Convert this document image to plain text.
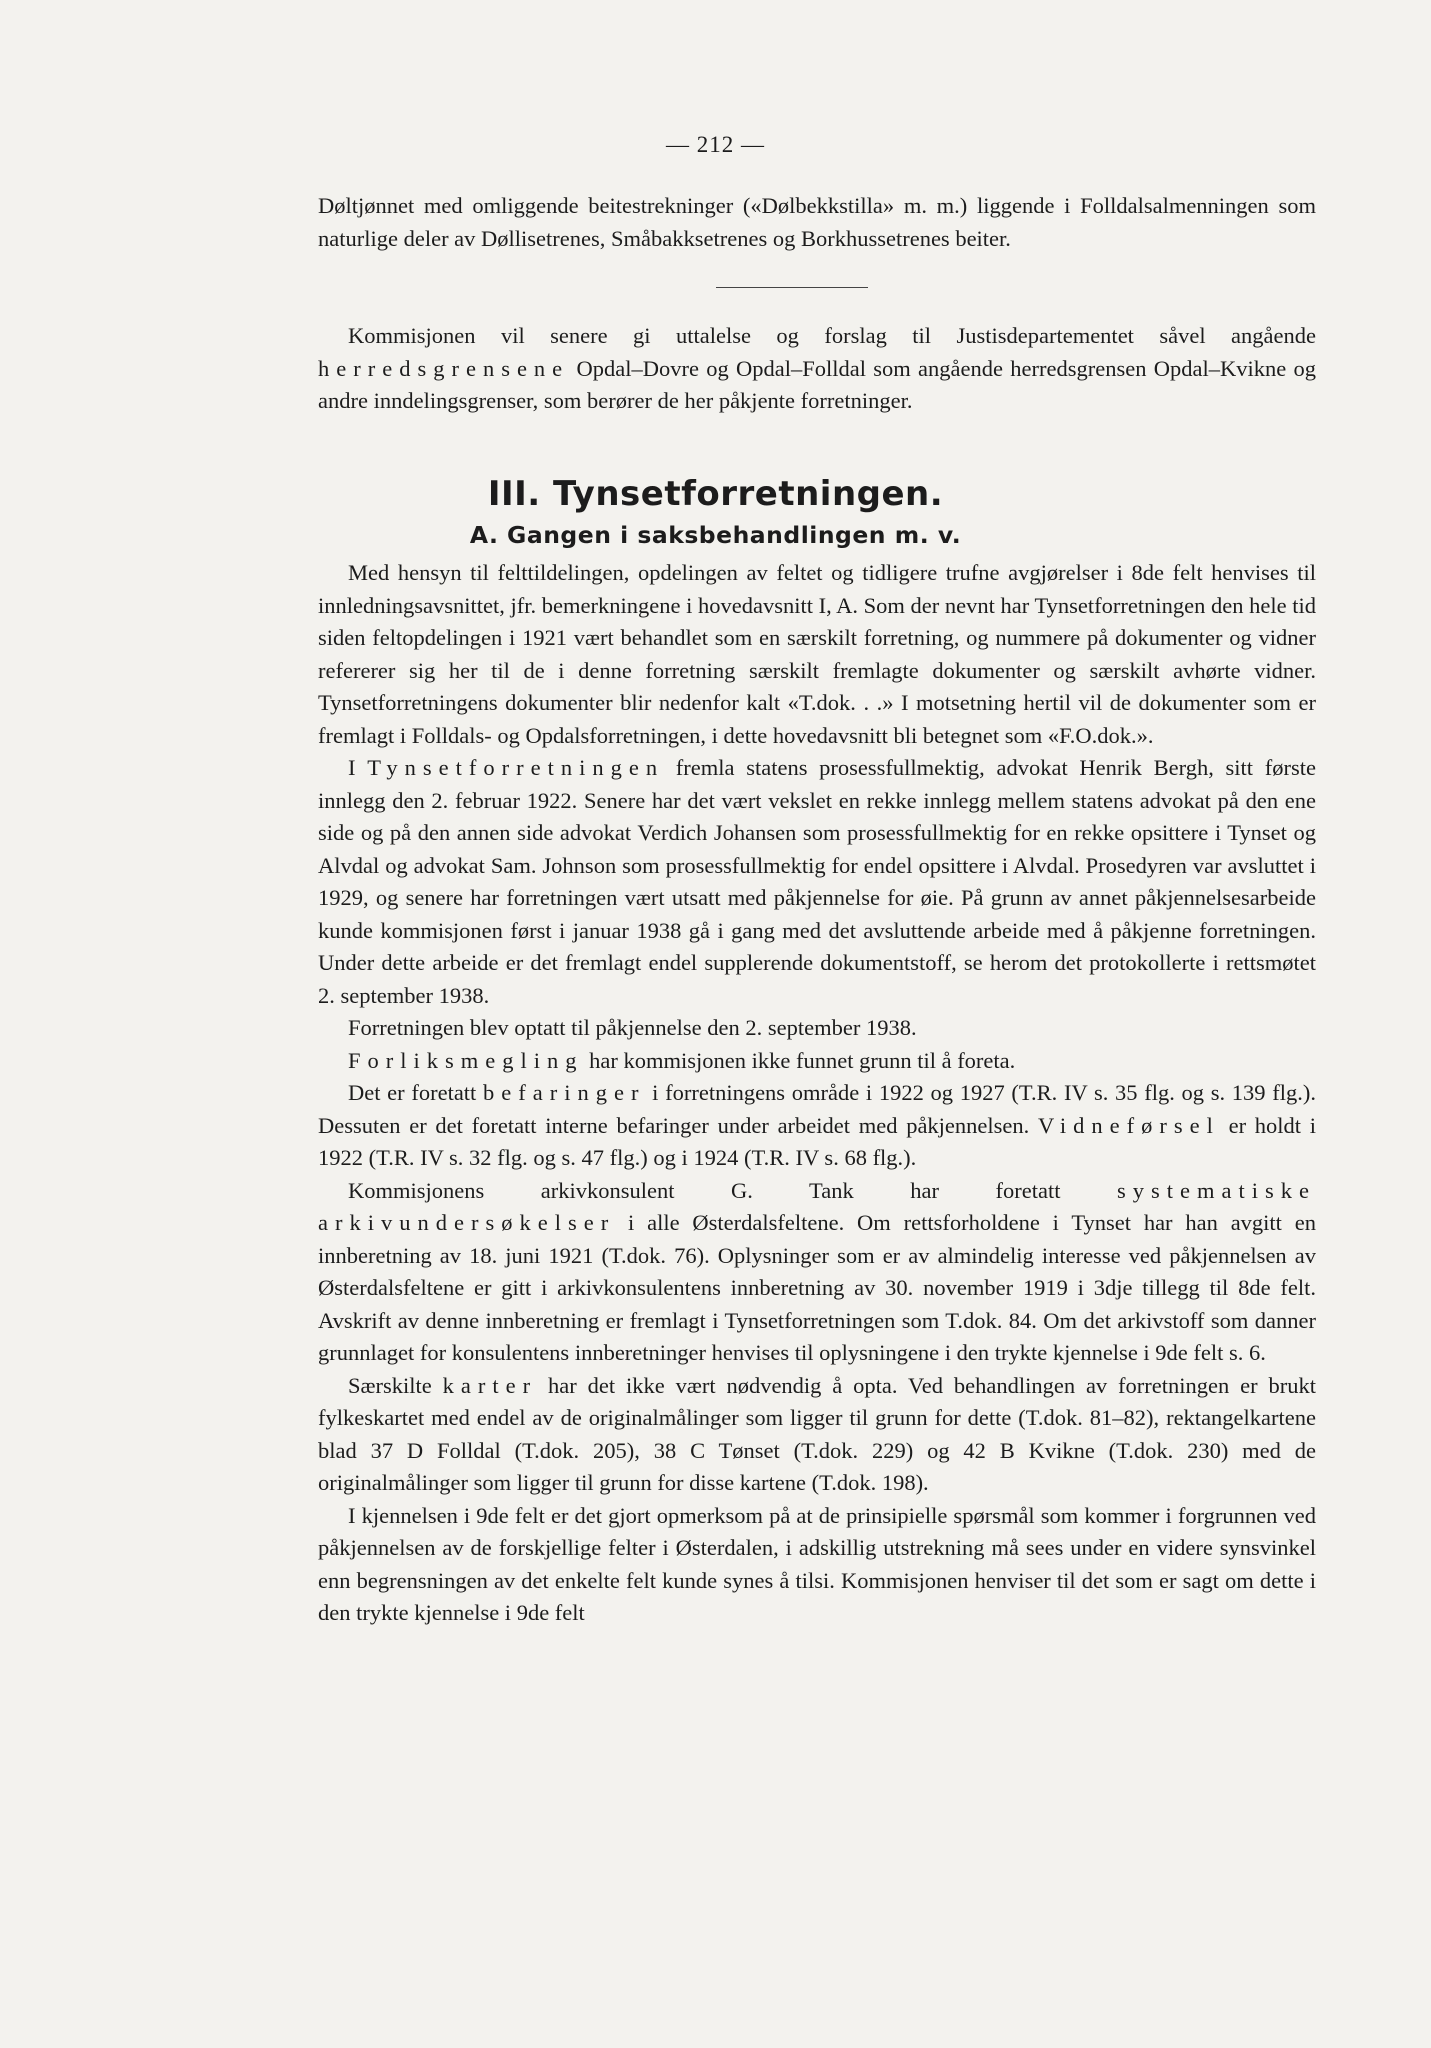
— 212 —

Døltjønnet med omliggende beitestrekninger («Dølbekkstilla» m. m.) liggende i Folldalsalmenningen som naturlige deler av Døllisetrenes, Småbakksetrenes og Borkhussetrenes beiter.

Kommisjonen vil senere gi uttalelse og forslag til Justisdepartementet såvel angående herredsgrensene Opdal–Dovre og Opdal–Folldal som angående herredsgrensen Opdal–Kvikne og andre inndelingsgrenser, som berører de her påkjente forretninger.

III. Tynsetforretningen.
A. Gangen i saksbehandlingen m. v.

Med hensyn til felttildelingen, opdelingen av feltet og tidligere trufne avgjørelser i 8de felt henvises til innledningsavsnittet, jfr. bemerkningene i hovedavsnitt I, A. Som der nevnt har Tynsetforretningen den hele tid siden feltopdelingen i 1921 vært behandlet som en særskilt forretning, og nummere på dokumenter og vidner refererer sig her til de i denne forretning særskilt fremlagte dokumenter og særskilt avhørte vidner. Tynsetforretningens dokumenter blir nedenfor kalt «T.dok. . .» I motsetning hertil vil de dokumenter som er fremlagt i Folldals- og Opdalsforretningen, i dette hovedavsnitt bli betegnet som «F.O.dok.».

I Tynsetforretningen fremla statens prosessfullmektig, advokat Henrik Bergh, sitt første innlegg den 2. februar 1922. Senere har det vært vekslet en rekke innlegg mellem statens advokat på den ene side og på den annen side advokat Verdich Johansen som prosessfullmektig for en rekke opsittere i Tynset og Alvdal og advokat Sam. Johnson som prosessfullmektig for endel opsittere i Alvdal. Prosedyren var avsluttet i 1929, og senere har forretningen vært utsatt med påkjennelse for øie. På grunn av annet påkjennelsesarbeide kunde kommisjonen først i januar 1938 gå i gang med det avsluttende arbeide med å påkjenne forretningen. Under dette arbeide er det fremlagt endel supplerende dokumentstoff, se herom det protokollerte i rettsmøtet 2. september 1938.

Forretningen blev optatt til påkjennelse den 2. september 1938.

Forliksmegling har kommisjonen ikke funnet grunn til å foreta.

Det er foretatt befaringer i forretningens område i 1922 og 1927 (T.R. IV s. 35 flg. og s. 139 flg.). Dessuten er det foretatt interne befaringer under arbeidet med påkjennelsen. Vidneførsel er holdt i 1922 (T.R. IV s. 32 flg. og s. 47 flg.) og i 1924 (T.R. IV s. 68 flg.).

Kommisjonens arkivkonsulent G. Tank har foretatt systematiske arkivundersøkelser i alle Østerdalsfeltene. Om rettsforholdene i Tynset har han avgitt en innberetning av 18. juni 1921 (T.dok. 76). Oplysninger som er av almindelig interesse ved påkjennelsen av Østerdalsfeltene er gitt i arkivkonsulentens innberetning av 30. november 1919 i 3dje tillegg til 8de felt. Avskrift av denne innberetning er fremlagt i Tynsetforretningen som T.dok. 84. Om det arkivstoff som danner grunnlaget for konsulentens innberetninger henvises til oplysningene i den trykte kjennelse i 9de felt s. 6.

Særskilte karter har det ikke vært nødvendig å opta. Ved behandlingen av forretningen er brukt fylkeskartet med endel av de originalmålinger som ligger til grunn for dette (T.dok. 81–82), rektangelkartene blad 37 D Folldal (T.dok. 205), 38 C Tønset (T.dok. 229) og 42 B Kvikne (T.dok. 230) med de originalmålinger som ligger til grunn for disse kartene (T.dok. 198).

I kjennelsen i 9de felt er det gjort opmerksom på at de prinsipielle spørsmål som kommer i forgrunnen ved påkjennelsen av de forskjellige felter i Østerdalen, i adskillig utstrekning må sees under en videre synsvinkel enn begrensningen av det enkelte felt kunde synes å tilsi. Kommisjonen henviser til det som er sagt om dette i den trykte kjennelse i 9de felt
